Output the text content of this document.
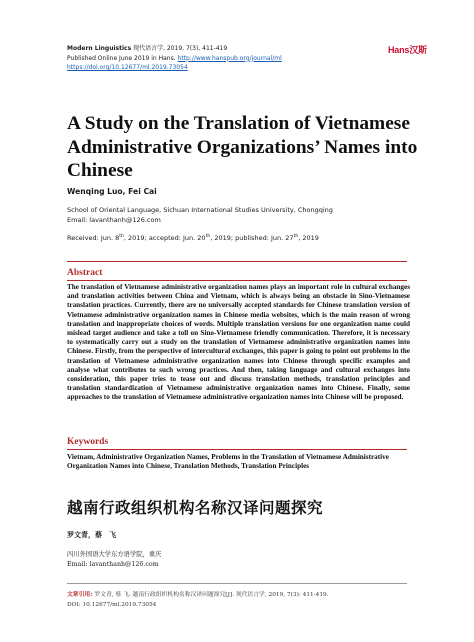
Modern Linguistics 现代语言学, 2019, 7(3), 411-419
Published Online June 2019 in Hans. http://www.hanspub.org/journal/ml
https://doi.org/10.12677/ml.2019.73054
Hans汉斯
A Study on the Translation of Vietnamese Administrative Organizations’ Names into Chinese
Wenqing Luo, Fei Cai
School of Oriental Language, Sichuan International Studies University, Chongqing
Email: lavanthanh@126.com
Received: Jun. 8th, 2019; accepted: Jun. 20th, 2019; published: Jun. 27th, 2019
Abstract
The translation of Vietnamese administrative organization names plays an important role in cultural exchanges and translation activities between China and Vietnam, which is always being an obstacle in Sino-Vietnamese translation practices. Currently, there are no universally accepted standards for Chinese translation version of Vietnamese administrative organization names in Chinese media websites, which is the main reason of wrong translation and inappropriate choices of words. Multiple translation versions for one organization name could mislead target audience and take a toll on Sino-Vietnamese friendly communication. Therefore, it is necessary to systematically carry out a study on the translation of Vietnamese administrative organization names into Chinese. Firstly, from the perspective of intercultural exchanges, this paper is going to point out problems in the translation of Vietnamese administrative organization names into Chinese through specific examples and analyse what contributes to such wrong practices. And then, taking language and cultural exchanges into consideration, this paper tries to tease out and discuss translation methods, translation principles and translation standardization of Vietnamese administrative organization names into Chinese. Finally, some approaches to the translation of Vietnamese administrative organization names into Chinese will be proposed.
Keywords
Vietnam, Administrative Organization Names, Problems in the Translation of Vietnamese Administrative Organization Names into Chinese, Translation Methods, Translation Principles
越南行政组织机构名称汉译问题探究
罗文青，蔡　飞
四川外国语大学东方语学院，重庆
Email: lavanthanh@126.com
文章引用: 罗文青, 蔡 飞. 越南行政组织机构名称汉译问题探究[J]. 现代语言学, 2019, 7(3): 411-419.
DOI: 10.12677/ml.2019.73054
